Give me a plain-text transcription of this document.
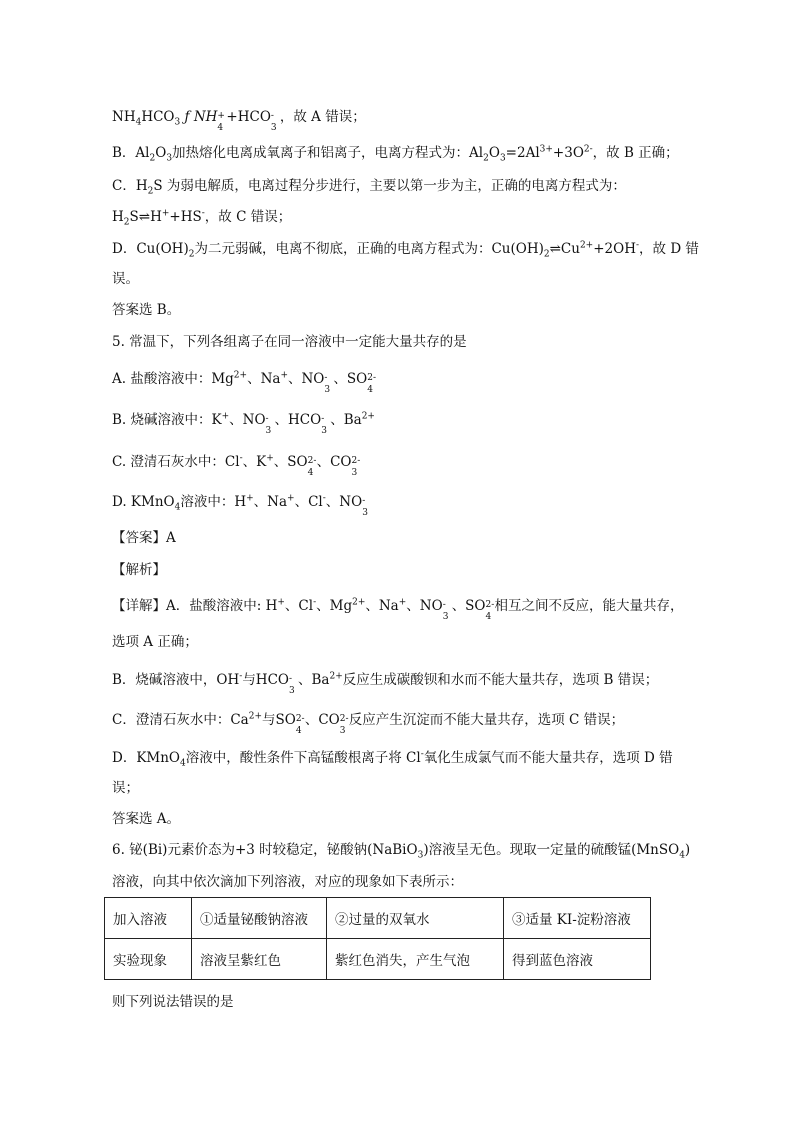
$NH_4HCO_3$ ƒ NH +
4
+HCO -
3
，故 A 错误；
B．$Al_2O_3$加热熔化电离成氧离子和铝离子，电离方程式为：$Al_2O_3=2Al^{3+}+3O^{2-}$，故 B 正确；
C．$H_2S$ 为弱电解质，电离过程分步进行，主要以第一步为主，正确的电离方程式为：
$H_2S\rightleftharpoons H^++HS^-$，故 C 错误；
D．$Cu(OH)_2$为二元弱碱，电离不彻底，正确的电离方程式为：$Cu(OH)_2\rightleftharpoons Cu^{2+}+2OH^-$，故 D 错
误。
答案选 B。
5. 常温下，下列各组离子在同一溶液中一定能大量共存的是
A. 盐酸溶液中：$Mg^{2+}$、Na+、NO -
3
、SO 2-
4
B. 烧碱溶液中：K+、NO -
3
、HCO -
3
、$Ba^{2+}$
C. 澄清石灰水中：Cl-、K+、SO 2-
4
、CO 2-
3
D. KMnO$_4$溶液中：H+、Na+、Cl-、NO -
3
【答案】A
【解析】
【详解】A．盐酸溶液中: H+、Cl-、$Mg^{2+}$、Na+、NO -
3
、SO 2-
4
相互之间不反应，能大量共存，
选项 A 正确；
B．烧碱溶液中，OH-与HCO -
3
、$Ba^{2+}$反应生成碳酸钡和水而不能大量共存，选项 B 错误；
C．澄清石灰水中：$Ca^{2+}$与SO 2-
4
、CO 2-
3
反应产生沉淀而不能大量共存，选项 C 错误；
D．KMnO$_4$溶液中，酸性条件下高锰酸根离子将 Cl-氧化生成氯气而不能大量共存，选项 D 错
误；
答案选 A。
6. 铋(Bi)元素价态为+3 时较稳定，铋酸钠(NaBiO$_3$)溶液呈无色。现取一定量的硫酸锰(MnSO$_4$)
溶液，向其中依次滴加下列溶液，对应的现象如下表所示：
加入溶液	①适量铋酸钠溶液	②过量的双氧水	③适量 KI-淀粉溶液
实验现象	溶液呈紫红色	紫红色消失，产生气泡	得到蓝色溶液
则下列说法错误的是
